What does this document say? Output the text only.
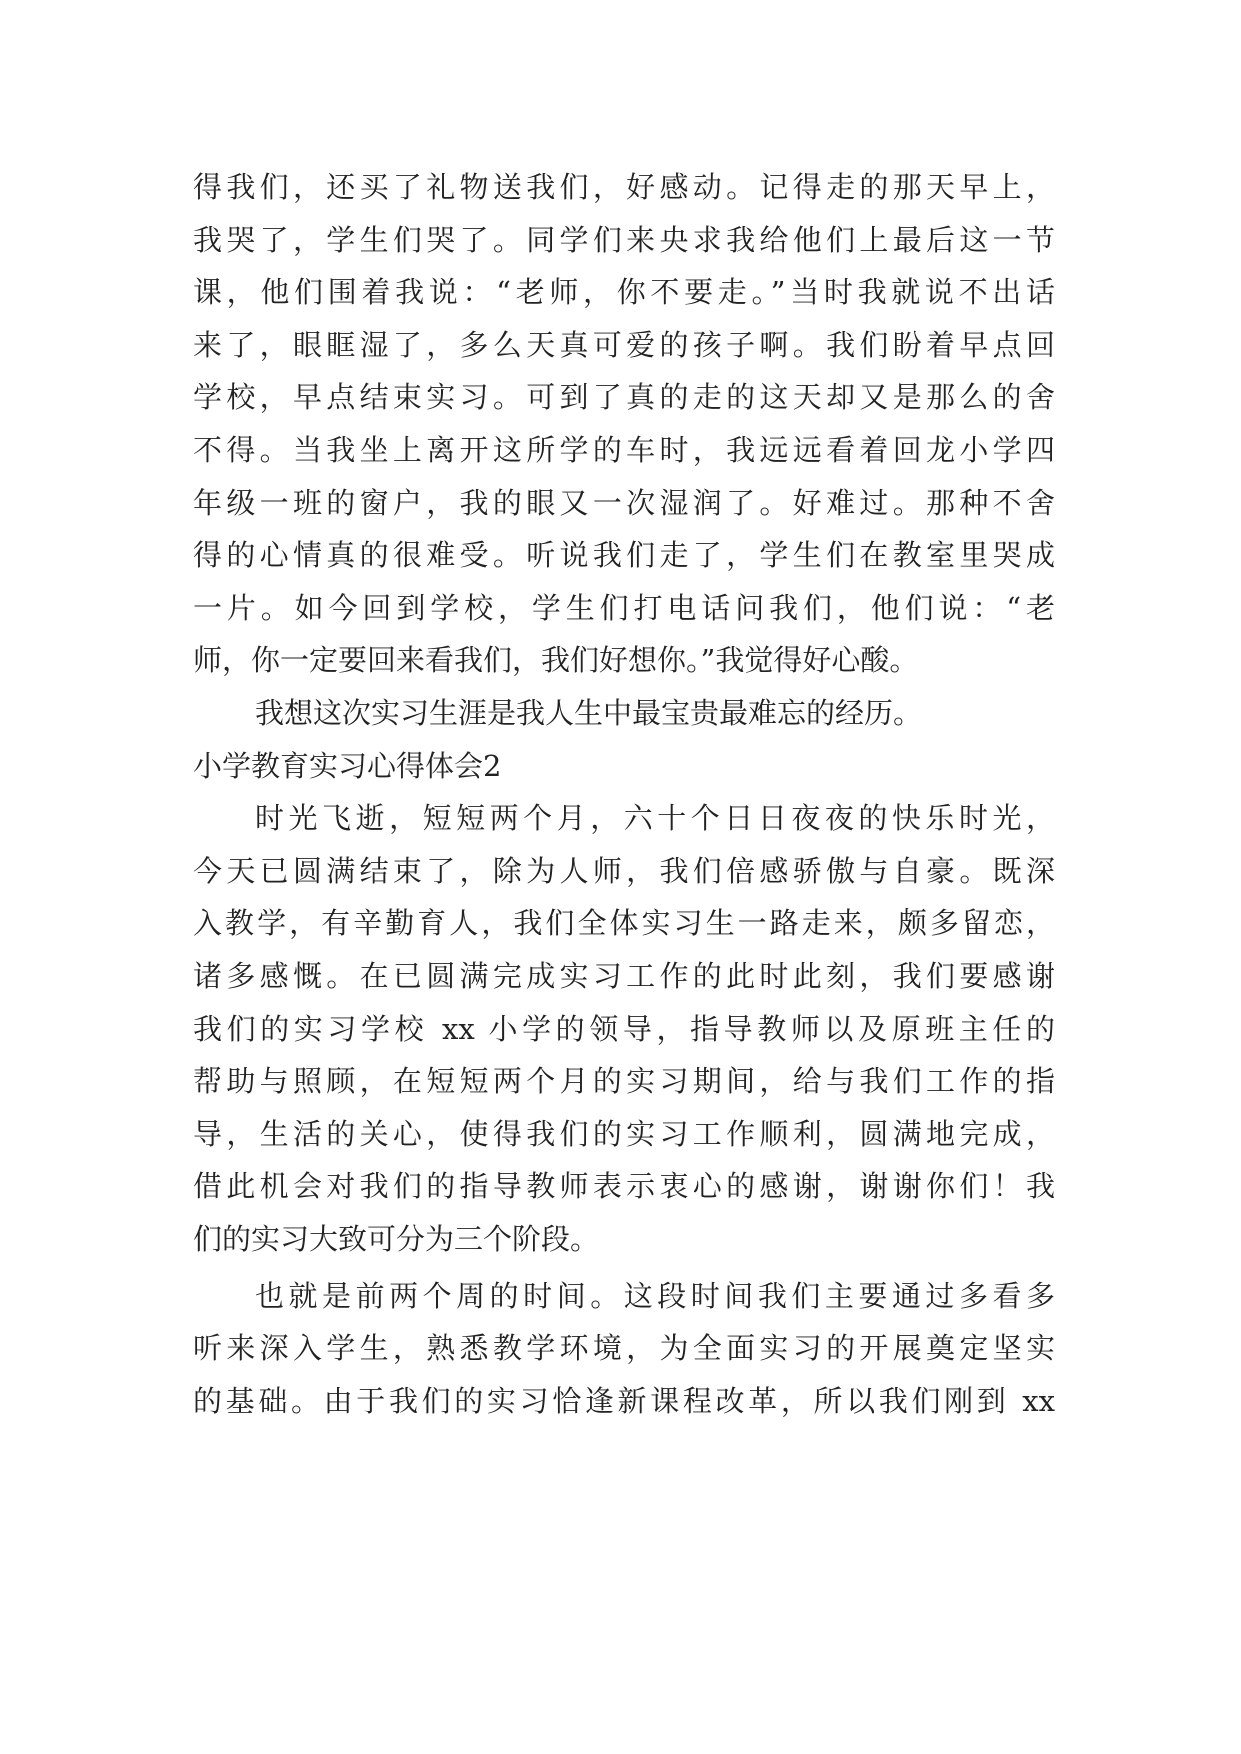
得我们，还买了礼物送我们，好感动。记得走的那天早上，
我哭了，学生们哭了。同学们来央求我给他们上最后这一节
课，他们围着我说：“老师，你不要走。”当时我就说不出话
来了，眼眶湿了，多么天真可爱的孩子啊。我们盼着早点回
学校，早点结束实习。可到了真的走的这天却又是那么的舍
不得。当我坐上离开这所学的车时，我远远看着回龙小学四
年级一班的窗户，我的眼又一次湿润了。好难过。那种不舍
得的心情真的很难受。听说我们走了，学生们在教室里哭成
一片。如今回到学校，学生们打电话问我们，他们说：“老
师，你一定要回来看我们，我们好想你。”我觉得好心酸。
我想这次实习生涯是我人生中最宝贵最难忘的经历。
小学教育实习心得体会2
时光飞逝，短短两个月，六十个日日夜夜的快乐时光，
今天已圆满结束了，除为人师，我们倍感骄傲与自豪。既深
入教学，有辛勤育人，我们全体实习生一路走来，颇多留恋，
诸多感慨。在已圆满完成实习工作的此时此刻，我们要感谢
我们的实习学校 xx 小学的领导，指导教师以及原班主任的
帮助与照顾，在短短两个月的实习期间，给与我们工作的指
导，生活的关心，使得我们的实习工作顺利，圆满地完成，
借此机会对我们的指导教师表示衷心的感谢，谢谢你们！我
们的实习大致可分为三个阶段。
也就是前两个周的时间。这段时间我们主要通过多看多
听来深入学生，熟悉教学环境，为全面实习的开展奠定坚实
的基础。由于我们的实习恰逢新课程改革，所以我们刚到 xx
